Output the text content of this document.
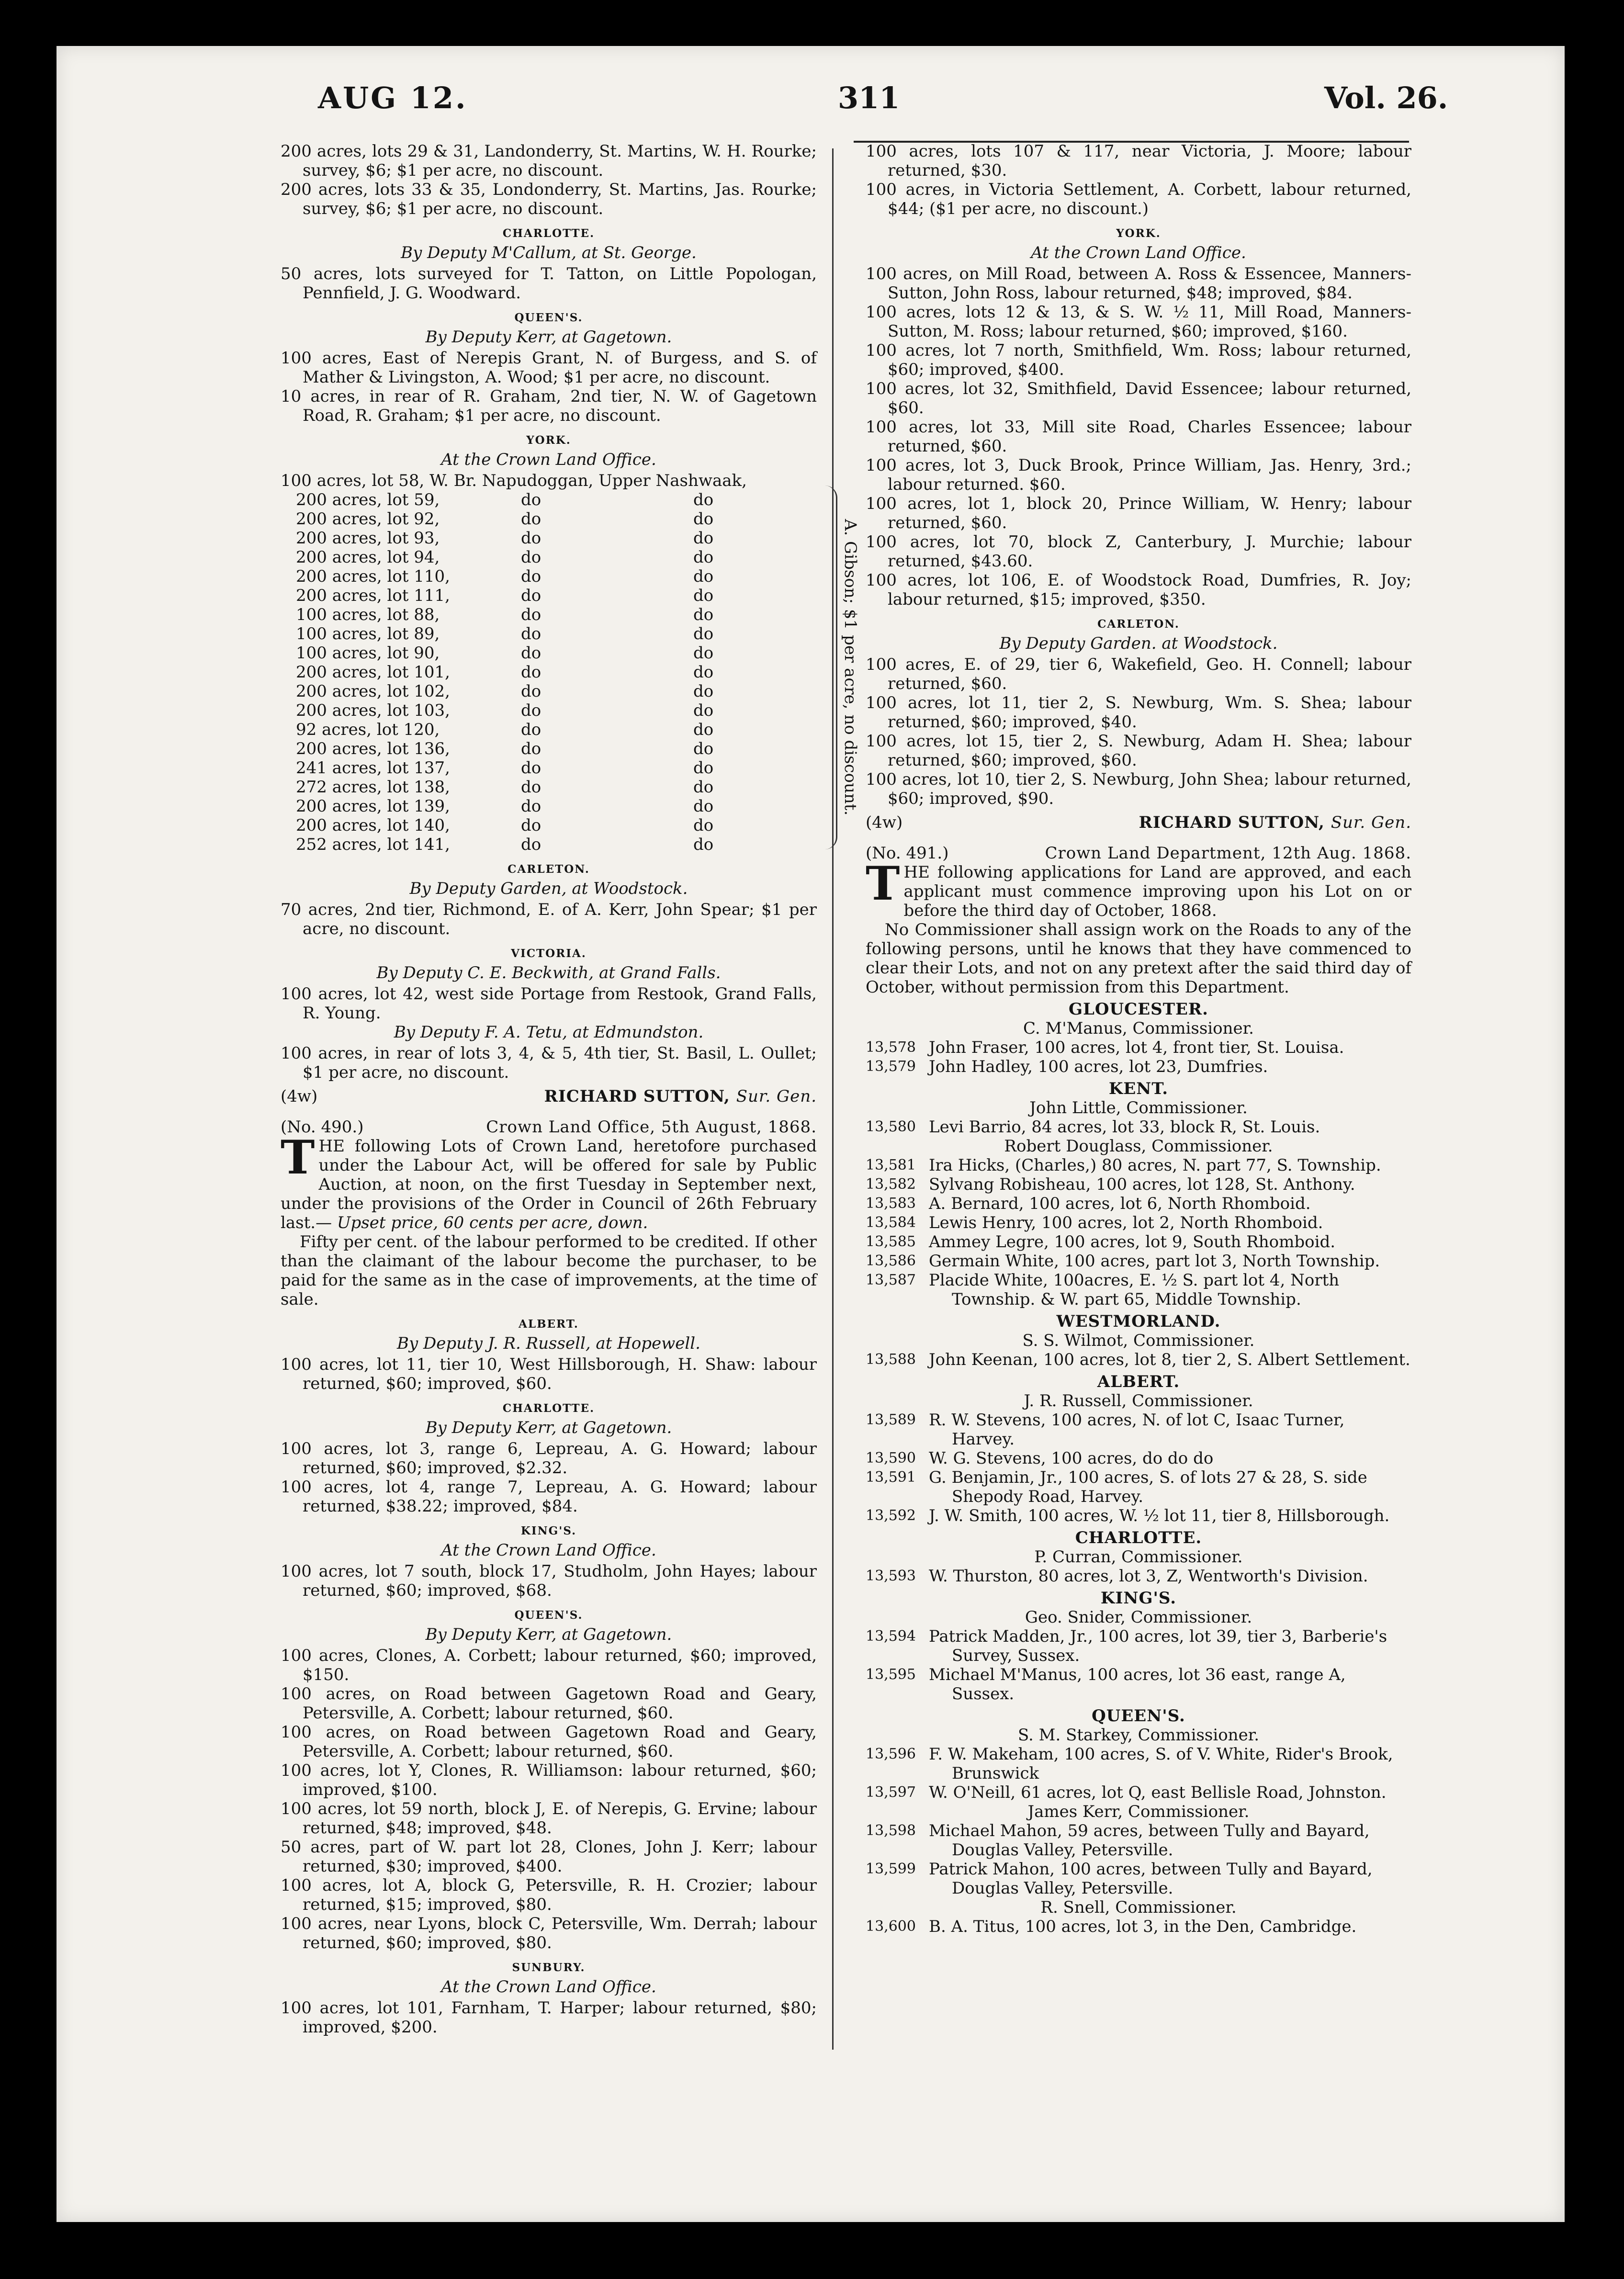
AUG 12.	311	Vol. 26.

200 acres, lots 29 & 31, Landonderry, St. Martins, W. H. Rourke; survey, $6; $1 per acre, no discount.

200 acres, lots 33 & 35, Londonderry, St. Martins, Jas. Rourke; survey, $6; $1 per acre, no discount.

CHARLOTTE.

By Deputy M'Callum, at St. George.

50 acres, lots surveyed for T. Tatton, on Little Popologan, Pennfield, J. G. Woodward.

QUEEN'S.

By Deputy Kerr, at Gagetown.

100 acres, East of Nerepis Grant, N. of Burgess, and S. of Mather & Livingston, A. Wood; $1 per acre, no discount.

10 acres, in rear of R. Graham, 2nd tier, N. W. of Gagetown Road, R. Graham; $1 per acre, no discount.

YORK.

At the Crown Land Office.

100 acres, lot 58, W. Br. Napudoggan, Upper Nashwaak,

200 acres, lot 59,	do	do
200 acres, lot 92,	do	do
200 acres, lot 93,	do	do
200 acres, lot 94,	do	do
200 acres, lot 110,	do	do
200 acres, lot 111,	do	do
100 acres, lot 88,	do	do
100 acres, lot 89,	do	do
100 acres, lot 90,	do	do
200 acres, lot 101,	do	do
200 acres, lot 102,	do	do
200 acres, lot 103,	do	do
92 acres, lot 120,	do	do
200 acres, lot 136,	do	do
241 acres, lot 137,	do	do
272 acres, lot 138,	do	do
200 acres, lot 139,	do	do
200 acres, lot 140,	do	do
252 acres, lot 141,	do	do
A. Gibson; $1 per acre, no discount.

CARLETON.

By Deputy Garden, at Woodstock.

70 acres, 2nd tier, Richmond, E. of A. Kerr, John Spear; $1 per acre, no discount.

VICTORIA.

By Deputy C. E. Beckwith, at Grand Falls.

100 acres, lot 42, west side Portage from Restook, Grand Falls, R. Young.

By Deputy F. A. Tetu, at Edmundston.

100 acres, in rear of lots 3, 4, & 5, 4th tier, St. Basil, L. Oullet; $1 per acre, no discount.

(4w)	RICHARD SUTTON, Sur. Gen.
(No. 490.)	Crown Land Office, 5th August, 1868.

THE following Lots of Crown Land, heretofore purchased under the Labour Act, will be offered for sale by Public Auction, at noon, on the first Tuesday in September next, under the provisions of the Order in Council of 26th February last.— Upset price, 60 cents per acre, down.

Fifty per cent. of the labour performed to be credited. If other than the claimant of the labour become the purchaser, to be paid for the same as in the case of improvements, at the time of sale.

ALBERT.

By Deputy J. R. Russell, at Hopewell.

100 acres, lot 11, tier 10, West Hillsborough, H. Shaw: labour returned, $60; improved, $60.

CHARLOTTE.

By Deputy Kerr, at Gagetown.

100 acres, lot 3, range 6, Lepreau, A. G. Howard; labour returned, $60; improved, $2.32.

100 acres, lot 4, range 7, Lepreau, A. G. Howard; labour returned, $38.22; improved, $84.

KING'S.

At the Crown Land Office.

100 acres, lot 7 south, block 17, Studholm, John Hayes; labour returned, $60; improved, $68.

QUEEN'S.

By Deputy Kerr, at Gagetown.

100 acres, Clones, A. Corbett; labour returned, $60; improved, $150.

100 acres, on Road between Gagetown Road and Geary, Petersville, A. Corbett; labour returned, $60.

100 acres, on Road between Gagetown Road and Geary, Petersville, A. Corbett; labour returned, $60.

100 acres, lot Y, Clones, R. Williamson: labour returned, $60; improved, $100.

100 acres, lot 59 north, block J, E. of Nerepis, G. Ervine; labour returned, $48; improved, $48.

50 acres, part of W. part lot 28, Clones, John J. Kerr; labour returned, $30; improved, $400.

100 acres, lot A, block G, Petersville, R. H. Crozier; labour returned, $15; improved, $80.

100 acres, near Lyons, block C, Petersville, Wm. Derrah; labour returned, $60; improved, $80.

SUNBURY.

At the Crown Land Office.

100 acres, lot 101, Farnham, T. Harper; labour returned, $80; improved, $200.

100 acres, lots 107 & 117, near Victoria, J. Moore; labour returned, $30.

100 acres, in Victoria Settlement, A. Corbett, labour returned, $44; ($1 per acre, no discount.)

YORK.

At the Crown Land Office.

100 acres, on Mill Road, between A. Ross & Essencee, Manners-Sutton, John Ross, labour returned, $48; improved, $84.

100 acres, lots 12 & 13, & S. W. ½ 11, Mill Road, Manners-Sutton, M. Ross; labour returned, $60; improved, $160.

100 acres, lot 7 north, Smithfield, Wm. Ross; labour returned, $60; improved, $400.

100 acres, lot 32, Smithfield, David Essencee; labour returned, $60.

100 acres, lot 33, Mill site Road, Charles Essencee; labour returned, $60.

100 acres, lot 3, Duck Brook, Prince William, Jas. Henry, 3rd.; labour returned. $60.

100 acres, lot 1, block 20, Prince William, W. Henry; labour returned, $60.

100 acres, lot 70, block Z, Canterbury, J. Murchie; labour returned, $43.60.

100 acres, lot 106, E. of Woodstock Road, Dumfries, R. Joy; labour returned, $15; improved, $350.

CARLETON.

By Deputy Garden. at Woodstock.

100 acres, E. of 29, tier 6, Wakefield, Geo. H. Connell; labour returned, $60.

100 acres, lot 11, tier 2, S. Newburg, Wm. S. Shea; labour returned, $60; improved, $40.

100 acres, lot 15, tier 2, S. Newburg, Adam H. Shea; labour returned, $60; improved, $60.

100 acres, lot 10, tier 2, S. Newburg, John Shea; labour returned, $60; improved, $90.

(4w)	RICHARD SUTTON, Sur. Gen.
(No. 491.)	Crown Land Department, 12th Aug. 1868.

THE following applications for Land are approved, and each applicant must commence improving upon his Lot on or before the third day of October, 1868.

No Commissioner shall assign work on the Roads to any of the following persons, until he knows that they have commenced to clear their Lots, and not on any pretext after the said third day of October, without permission from this Department.

GLOUCESTER.

C. M'Manus, Commissioner.

13,578 John Fraser, 100 acres, lot 4, front tier, St. Louisa.
13,579 John Hadley, 100 acres, lot 23, Dumfries.

KENT.

John Little, Commissioner.

13,580 Levi Barrio, 84 acres, lot 33, block R, St. Louis.

Robert Douglass, Commissioner.

13,581 Ira Hicks, (Charles,) 80 acres, N. part 77, S. Township.
13,582 Sylvang Robisheau, 100 acres, lot 128, St. Anthony.
13,583 A. Bernard, 100 acres, lot 6, North Rhomboid.
13,584 Lewis Henry, 100 acres, lot 2, North Rhomboid.
13,585 Ammey Legre, 100 acres, lot 9, South Rhomboid.
13,586 Germain White, 100 acres, part lot 3, North Township.
13,587 Placide White, 100acres, E. ½ S. part lot 4, North Township. & W. part 65, Middle Township.

WESTMORLAND.

S. S. Wilmot, Commissioner.

13,588 John Keenan, 100 acres, lot 8, tier 2, S. Albert Settlement.

ALBERT.

J. R. Russell, Commissioner.

13,589 R. W. Stevens, 100 acres, N. of lot C, Isaac Turner, Harvey.
13,590 W. G. Stevens, 100 acres, do do do
13,591 G. Benjamin, Jr., 100 acres, S. of lots 27 & 28, S. side Shepody Road, Harvey.
13,592 J. W. Smith, 100 acres, W. ½ lot 11, tier 8, Hillsborough.

CHARLOTTE.

P. Curran, Commissioner.

13,593 W. Thurston, 80 acres, lot 3, Z, Wentworth's Division.

KING'S.

Geo. Snider, Commissioner.

13,594 Patrick Madden, Jr., 100 acres, lot 39, tier 3, Barberie's Survey, Sussex.
13,595 Michael M'Manus, 100 acres, lot 36 east, range A, Sussex.

QUEEN'S.

S. M. Starkey, Commissioner.

13,596 F. W. Makeham, 100 acres, S. of V. White, Rider's Brook, Brunswick
13,597 W. O'Neill, 61 acres, lot Q, east Bellisle Road, Johnston.

James Kerr, Commissioner.

13,598 Michael Mahon, 59 acres, between Tully and Bayard, Douglas Valley, Petersville.
13,599 Patrick Mahon, 100 acres, between Tully and Bayard, Douglas Valley, Petersville.

R. Snell, Commissioner.

13,600 B. A. Titus, 100 acres, lot 3, in the Den, Cambridge.
